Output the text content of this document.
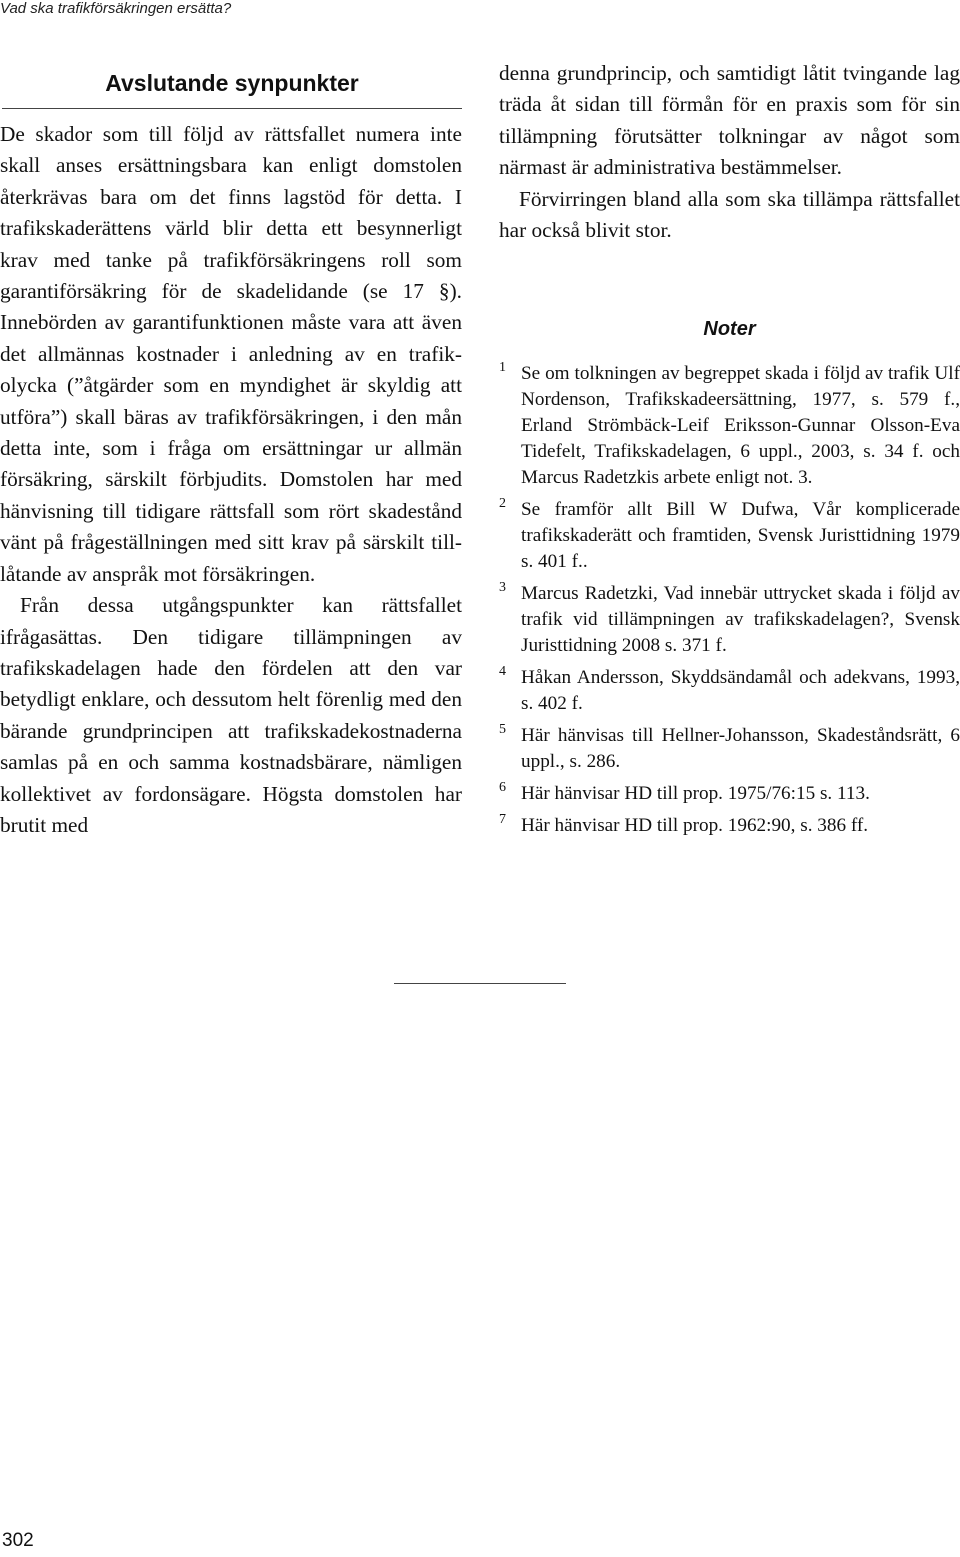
Vad ska trafikförsäkringen ersätta?
Avslutande synpunkter

De skador som till följd av rättsfallet numera inte skall anses ersättningsbara kan enligt domstolen återkrävas bara om det finns lagstöd för detta. I trafikskaderättens värld blir detta ett besynnerligt krav med tanke på trafikförsäkringens roll som garantiförsäkring för de skadelidande (se 17 §). Innebörden av garantifunktionen måste vara att även det allmännas kostnader i anledning av en trafikolycka (”åtgärder som en myndighet är skyldig att utföra”) skall bäras av trafikförsäkringen, i den mån detta inte, som i fråga om ersättningar ur allmän försäkring, särskilt förbjudits. Domstolen har med hänvisning till tidigare rättsfall som rört skadestånd vänt på frågeställningen med sitt krav på särskilt tilllåtande av anspråk mot försäkringen.

Från dessa utgångspunkter kan rättsfallet ifrågasättas. Den tidigare tillämpningen av trafikskadelagen hade den fördelen att den var betydligt enklare, och dessutom helt förenlig med den bärande grundprincipen att trafikskadekostnaderna samlas på en och samma kostnadsbärare, nämligen kollektivet av fordonsägare. Högsta domstolen har brutit med

denna grundprincip, och samtidigt låtit tvingande lag träda åt sidan till förmån för en praxis som för sin tillämpning förutsätter tolkningar av något som närmast är administrativa bestämmelser.

Förvirringen bland alla som ska tillämpa rättsfallet har också blivit stor.

Noter

1 Se om tolkningen av begreppet skada i följd av trafik Ulf Nordenson, Trafikskadeersättning, 1977, s. 579 f., Erland Strömbäck-Leif Eriksson-Gunnar Olsson-Eva Tidefelt, Trafikskadelagen, 6 uppl., 2003, s. 34 f. och Marcus Radetzkis arbete enligt not. 3.

2 Se framför allt Bill W Dufwa, Vår komplicerade trafikskaderätt och framtiden, Svensk Juristtidning 1979 s. 401 f..

3 Marcus Radetzki, Vad innebär uttrycket skada i följd av trafik vid tillämpningen av trafikskadelagen?, Svensk Juristtidning 2008 s. 371 f.

4 Håkan Andersson, Skyddsändamål och adekvans, 1993, s. 402 f.

5 Här hänvisas till Hellner-Johansson, Skadeståndsrätt, 6 uppl., s. 286.

6 Här hänvisar HD till prop. 1975/76:15 s. 113.

7 Här hänvisar HD till prop. 1962:90, s. 386 ff.

302
